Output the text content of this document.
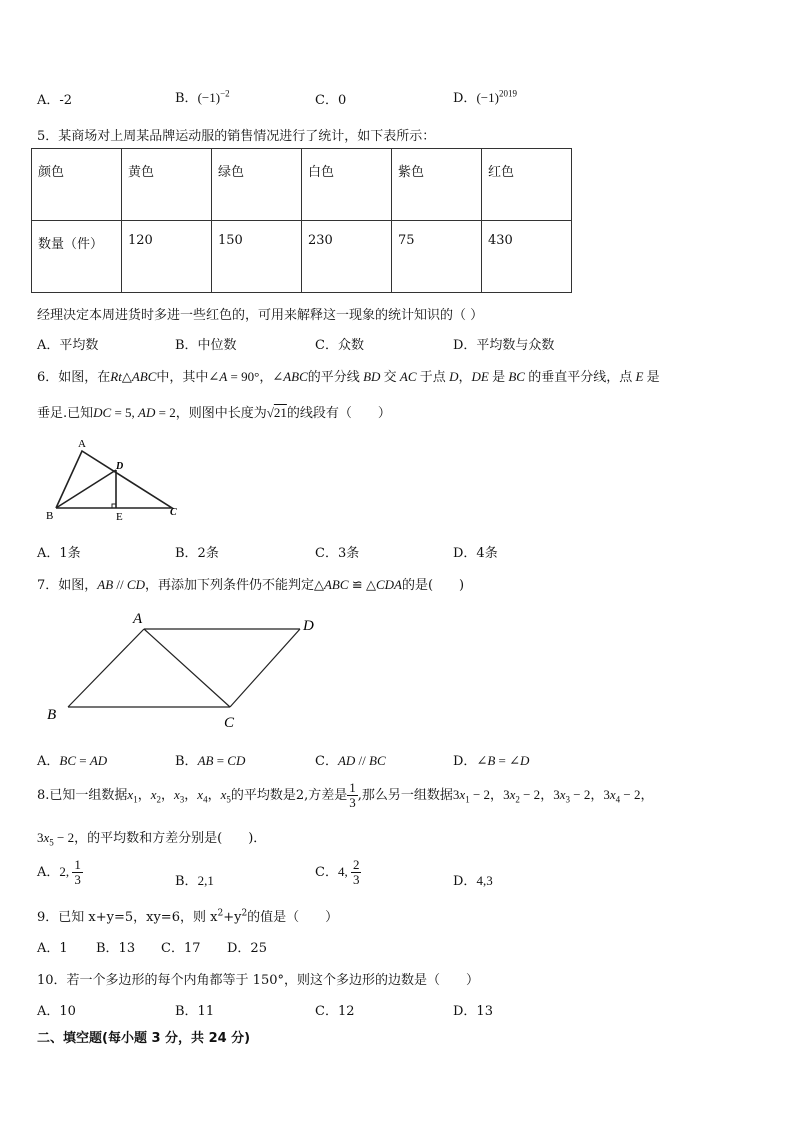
A．-2	B．$(-1)^{-2}$	C．0	D．$(-1)^{2019}$
5．某商场对上周某品牌运动服的销售情况进行了统计，如下表所示：
颜色	黄色	绿色	白色	紫色	红色
数量（件）	120	150	230	75	430
经理决定本周进货时多进一些红色的，可用来解释这一现象的统计知识的（ ）
A．平均数	B．中位数	C．众数	D．平均数与众数
6．如图，在Rt△ABC中，其中∠A = 90°，∠ABC的平分线 BD 交 AC 于点 D，DE 是 BC 的垂直平分线，点 E 是
垂足.已知DC = 5, AD = 2，则图中长度为√21的线段有（　　）
A
B	C
D
E
A．1条	B．2条	C．3条	D．4条
7．如图，AB // CD，再添加下列条件仍不能判定△ABC ≌ △CDA的是(　　)
A	D
B	C
A．BC = AD	B．AB = CD	C．AD // BC	D．∠B = ∠D
8.已知一组数据$x_1$，$x_2$，$x_3$，$x_4$，$x_5$的平均数是2,方差是 $\frac{1}{3}$ ,那么另一组数据$3x_1 - 2$，$3x_2 - 2$，$3x_3 - 2$，$3x_4 - 2$，
$3x_5 - 2$，的平均数和方差分别是(　　)．
A．2, $\frac{1}{3}$	B．2,1
C．4, $\frac{2}{3}$	D．4,3
9．已知 x+y=5，xy=6，则 $x^2+y^2$的值是（　　）
A．1 B．13 C．17 D．25
10．若一个多边形的每个内角都等于 150°，则这个多边形的边数是（　　）
A．10	B．11	C．12	D．13
二、填空题(每小题 3 分，共 24 分)
